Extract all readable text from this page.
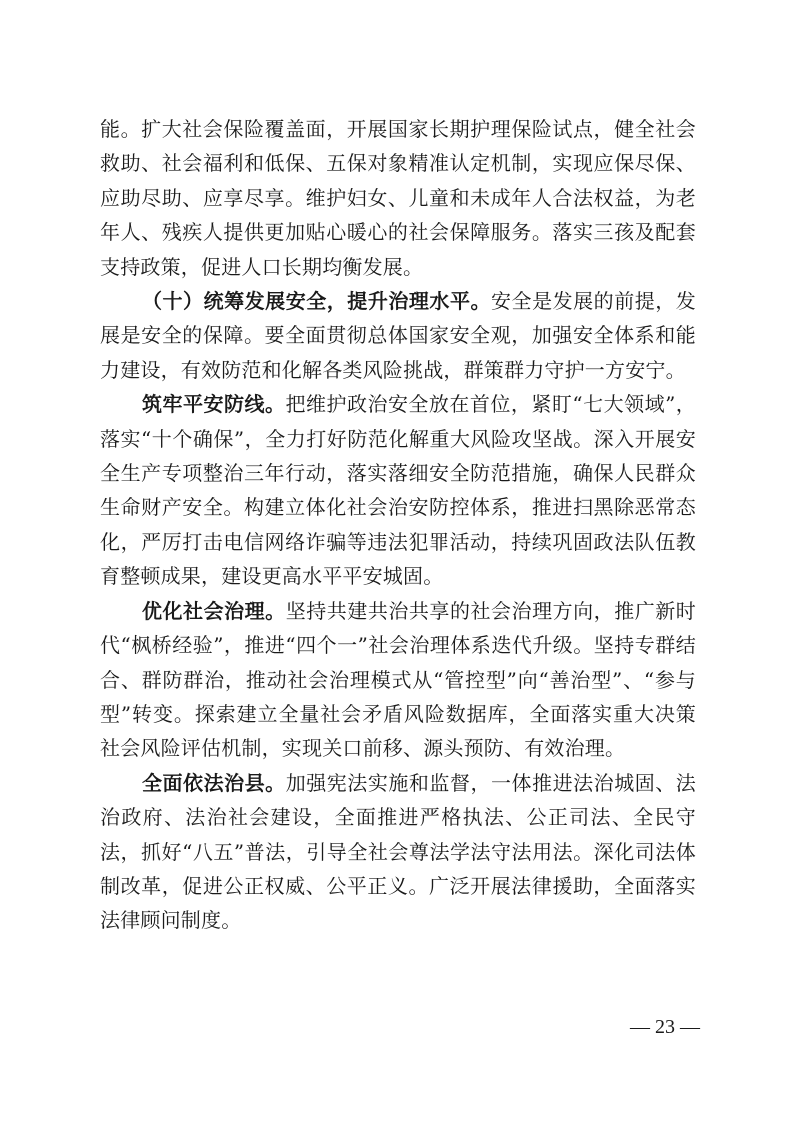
能。扩大社会保险覆盖面，开展国家长期护理保险试点，健全社会救助、社会福利和低保、五保对象精准认定机制，实现应保尽保、应助尽助、应享尽享。维护妇女、儿童和未成年人合法权益，为老年人、残疾人提供更加贴心暖心的社会保障服务。落实三孩及配套支持政策，促进人口长期均衡发展。

（十）统筹发展安全，提升治理水平。安全是发展的前提，发展是安全的保障。要全面贯彻总体国家安全观，加强安全体系和能力建设，有效防范和化解各类风险挑战，群策群力守护一方安宁。

筑牢平安防线。把维护政治安全放在首位，紧盯“七大领域”，落实“十个确保”，全力打好防范化解重大风险攻坚战。深入开展安全生产专项整治三年行动，落实落细安全防范措施，确保人民群众生命财产安全。构建立体化社会治安防控体系，推进扫黑除恶常态化，严厉打击电信网络诈骗等违法犯罪活动，持续巩固政法队伍教育整顿成果，建设更高水平平安城固。

优化社会治理。坚持共建共治共享的社会治理方向，推广新时代“枫桥经验”，推进“四个一”社会治理体系迭代升级。坚持专群结合、群防群治，推动社会治理模式从“管控型”向“善治型”、“参与型”转变。探索建立全量社会矛盾风险数据库，全面落实重大决策社会风险评估机制，实现关口前移、源头预防、有效治理。

全面依法治县。加强宪法实施和监督，一体推进法治城固、法治政府、法治社会建设，全面推进严格执法、公正司法、全民守法，抓好“八五”普法，引导全社会尊法学法守法用法。深化司法体制改革，促进公正权威、公平正义。广泛开展法律援助，全面落实法律顾问制度。

— 23 —
